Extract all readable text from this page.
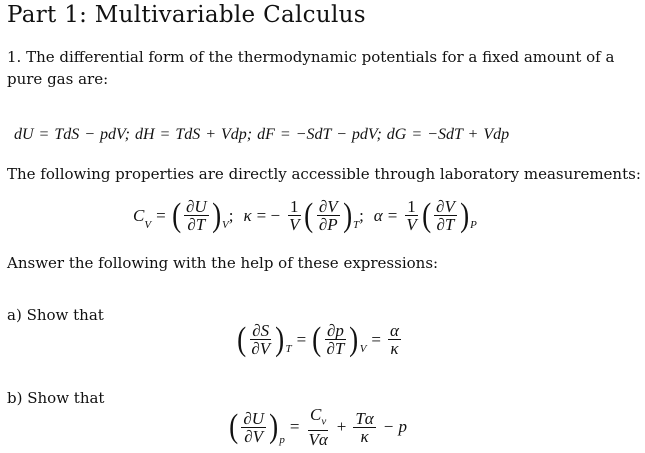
Part 1: Multivariable Calculus
1. The differential form of the thermodynamic potentials for a fixed amount of a
pure gas are:
dU = TdS − pdV; dH = TdS + Vdp; dF = −SdT − pdV; dG = −SdT + Vdp
The following properties are directly accessible through laboratory measurements:
C
V
= ( $\frac{\partial U}{\partial T}$ ) V
; κ = − $\frac{1}{V}$ ( $\frac{\partial V}{\partial P}$ ) T
; $\alpha = \frac{1}{V}$ ( $\frac{\partial V}{\partial T}$ ) P
Answer the following with the help of these expressions:
a) Show that
( $\frac{\partial S}{\partial V}$ ) T
= ( $\frac{\partial p}{\partial T}$ ) V
= $\frac{\alpha}{\kappa}$
b) Show that
( $\frac{\partial U}{\partial V}$ ) p
= $\frac{C_v}{V\alpha} + \frac{T\alpha}{\kappa} - p$
